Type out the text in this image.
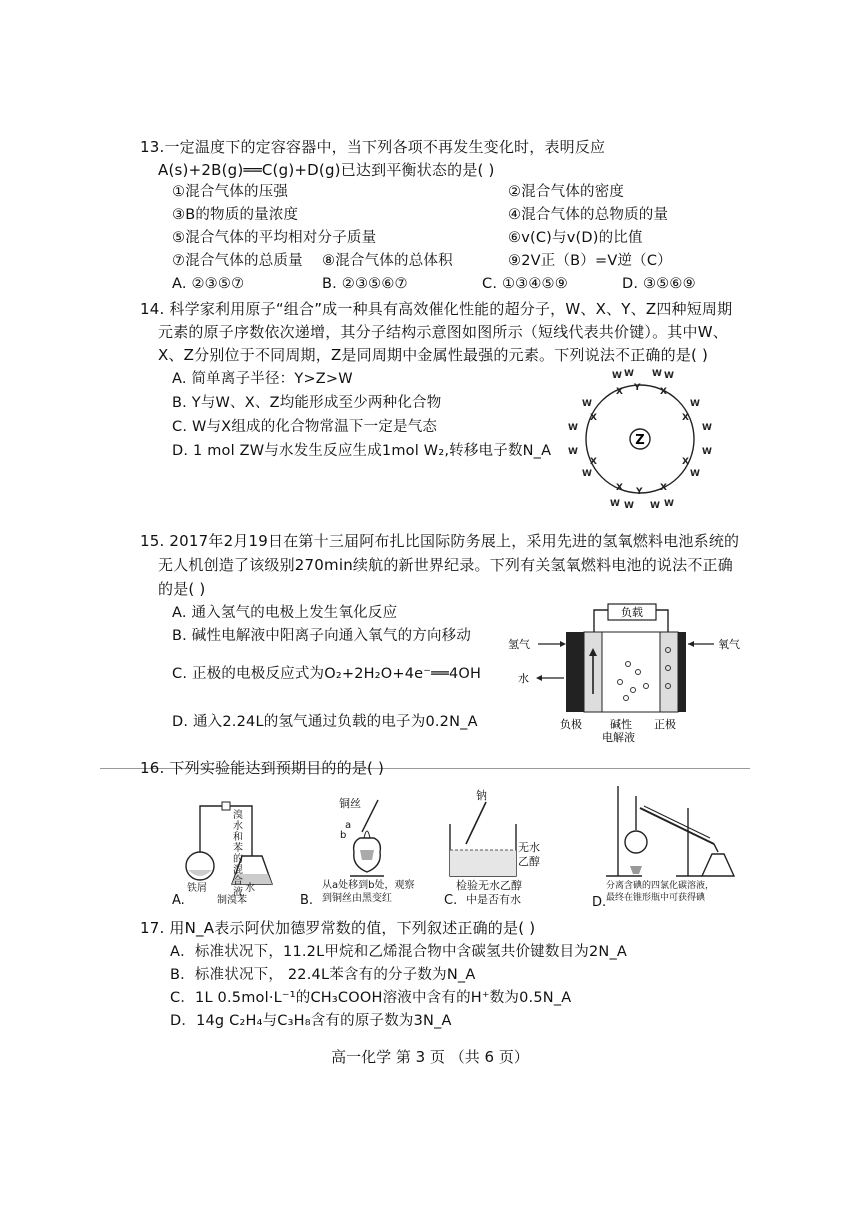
13.一定温度下的定容容器中，当下列各项不再发生变化时，表明反应
A(s)+2B(g)══C(g)+D(g)已达到平衡状态的是( )
①混合气体的压强	②混合气体的密度
③B的物质的量浓度	④混合气体的总物质的量
⑤混合气体的平均相对分子质量	⑥v(C)与v(D)的比值
⑦混合气体的总质量 ⑧混合气体的总体积	⑨2V正（B）=V逆（C）
A. ②③⑤⑦	B. ②③⑤⑥⑦	C. ①③④⑤⑨	D. ③⑤⑥⑨
14. 科学家利用原子“组合”成一种具有高效催化性能的超分子，W、X、Y、Z四种短周期
元素的原子序数依次递增，其分子结构示意图如图所示（短线代表共价键）。其中W、
X、Z分别位于不同周期，Z是同周期中金属性最强的元素。下列说法不正确的是( )
A. 简单离子半径：Y>Z>W
B. Y与W、X、Z均能形成至少两种化合物
C. W与X组成的化合物常温下一定是气态
D. 1 mol ZW与水发生反应生成1mol W₂,转移电子数N_A
Z
W W W W
Y
X	X
W	W
W	W
W	W
W	W
X	X
Y
W W W W
X	X
X	X
15. 2017年2月19日在第十三届阿布扎比国际防务展上，采用先进的氢氧燃料电池系统的
无人机创造了该级别270min续航的新世界纪录。下列有关氢氧燃料电池的说法不正确
的是( )
A. 通入氢气的电极上发生氧化反应
B. 碱性电解液中阳离子向通入氧气的方向移动
C. 正极的电极反应式为O₂+2H₂O+4e⁻══4OH
D. 通入2.24L的氢气通过负载的电子为0.2N_A
负载
氢气
水
氧气
负极	碱性
电解液
正极
16. 下列实验能达到预期目的的是( )
溴水和苯的混合液
铁屑	水
制溴苯
A.
铜丝
a
b
从a处移到b处，观察
到铜丝由黑变红
B.
钠
无水
乙醇
检验无水乙醇
中是否有水
C.
分离含碘的四氯化碳溶液，
最终在锥形瓶中可获得碘
D.
17. 用N_A表示阿伏加德罗常数的值，下列叙述正确的是( )
A．标准状况下，11.2L甲烷和乙烯混合物中含碳氢共价键数目为2N_A
B．标准状况下， 22.4L苯含有的分子数为N_A
C．1L 0.5mol·L⁻¹的CH₃COOH溶液中含有的H⁺数为0.5N_A
D．14g C₂H₄与C₃H₈含有的原子数为3N_A
高一化学 第 3 页 （共 6 页）
